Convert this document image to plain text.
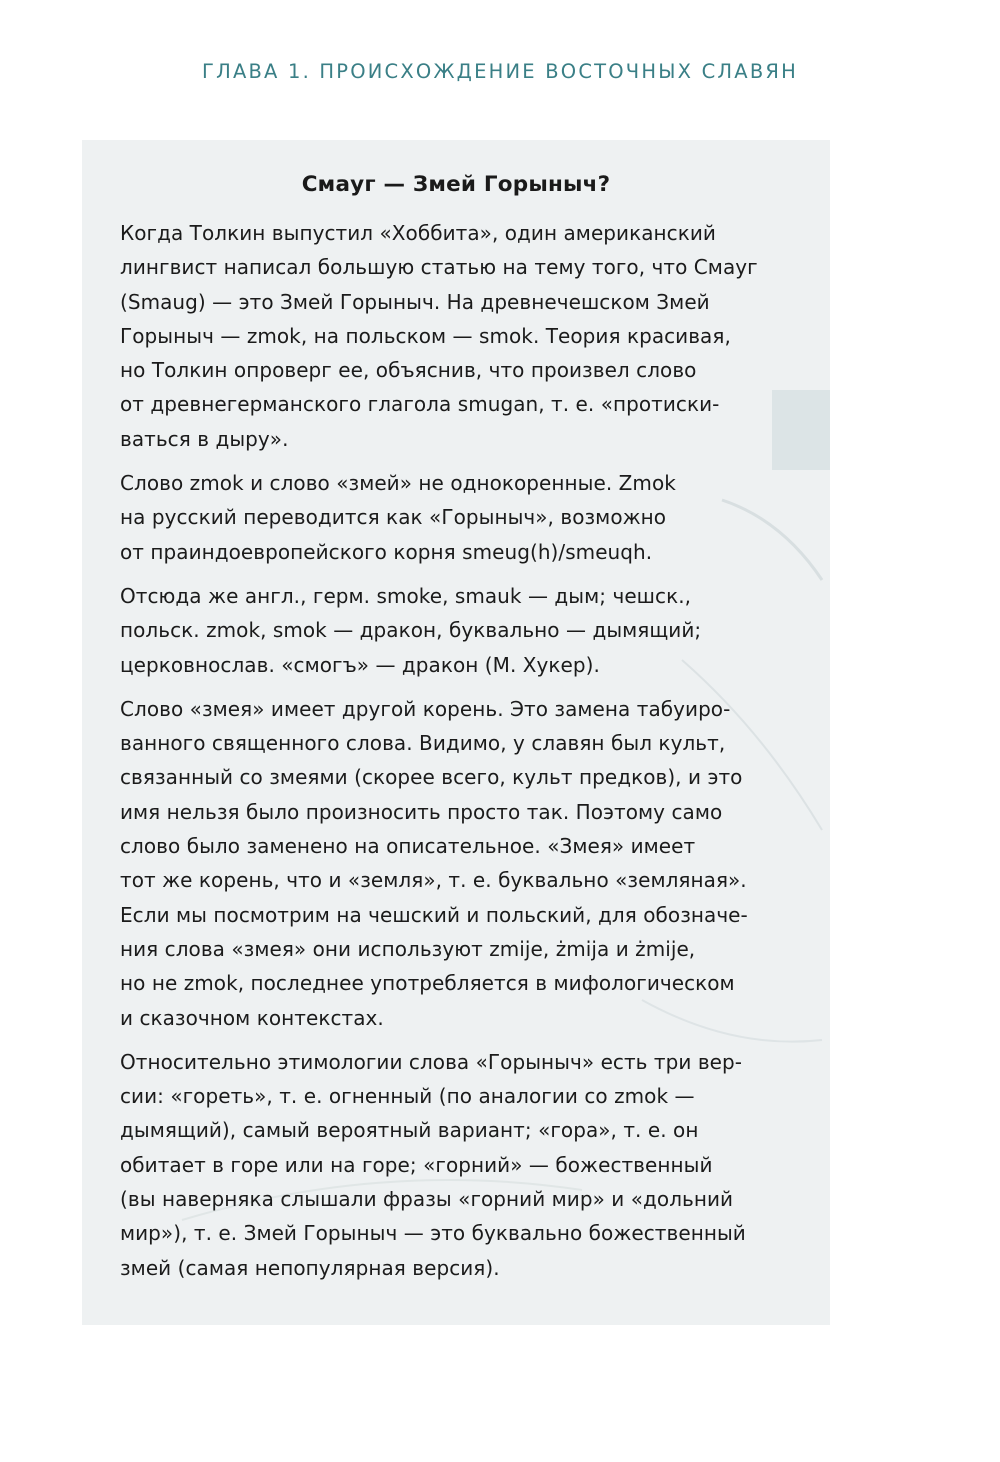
ГЛАВА 1. ПРОИСХОЖДЕНИЕ ВОСТОЧНЫХ СЛАВЯН
Смауг — Змей Горыныч?
Когда Толкин выпустил «Хоббита», один американский
лингвист написал большую статью на тему того, что Смауг
(Smaug) — это Змей Горыныч. На древнечешском Змей
Горыныч — zmok, на польском — smok. Теория красивая,
но Толкин опроверг ее, объяснив, что произвел слово
от древнегерманского глагола smugan, т. е. «протиски-
ваться в дыру».
Слово zmok и слово «змей» не однокоренные. Zmok
на русский переводится как «Горыныч», возможно
от праиндоевропейского корня smeug(h)/smeuqh.
Отсюда же англ., герм. smoke, smauk — дым; чешск.,
польск. zmok, smok — дракон, буквально — дымящий;
церковнослав. «смогъ» — дракон (М. Хукер).
Слово «змея» имеет другой корень. Это замена табуиро-
ванного священного слова. Видимо, у славян был культ,
связанный со змеями (скорее всего, культ предков), и это
имя нельзя было произносить просто так. Поэтому само
слово было заменено на описательное. «Змея» имеет
тот же корень, что и «земля», т. е. буквально «земляная».
Если мы посмотрим на чешский и польский, для обозначе-
ния слова «змея» они используют zmije, żmija и żmije,
но не zmok, последнее употребляется в мифологическом
и сказочном контекстах.
Относительно этимологии слова «Горыныч» есть три вер-
сии: «гореть», т. е. огненный (по аналогии со zmok —
дымящий), самый вероятный вариант; «гора», т. е. он
обитает в горе или на горе; «горний» — божественный
(вы наверняка слышали фразы «горний мир» и «дольний
мир»), т. е. Змей Горыныч — это буквально божественный
змей (самая непопулярная версия).
